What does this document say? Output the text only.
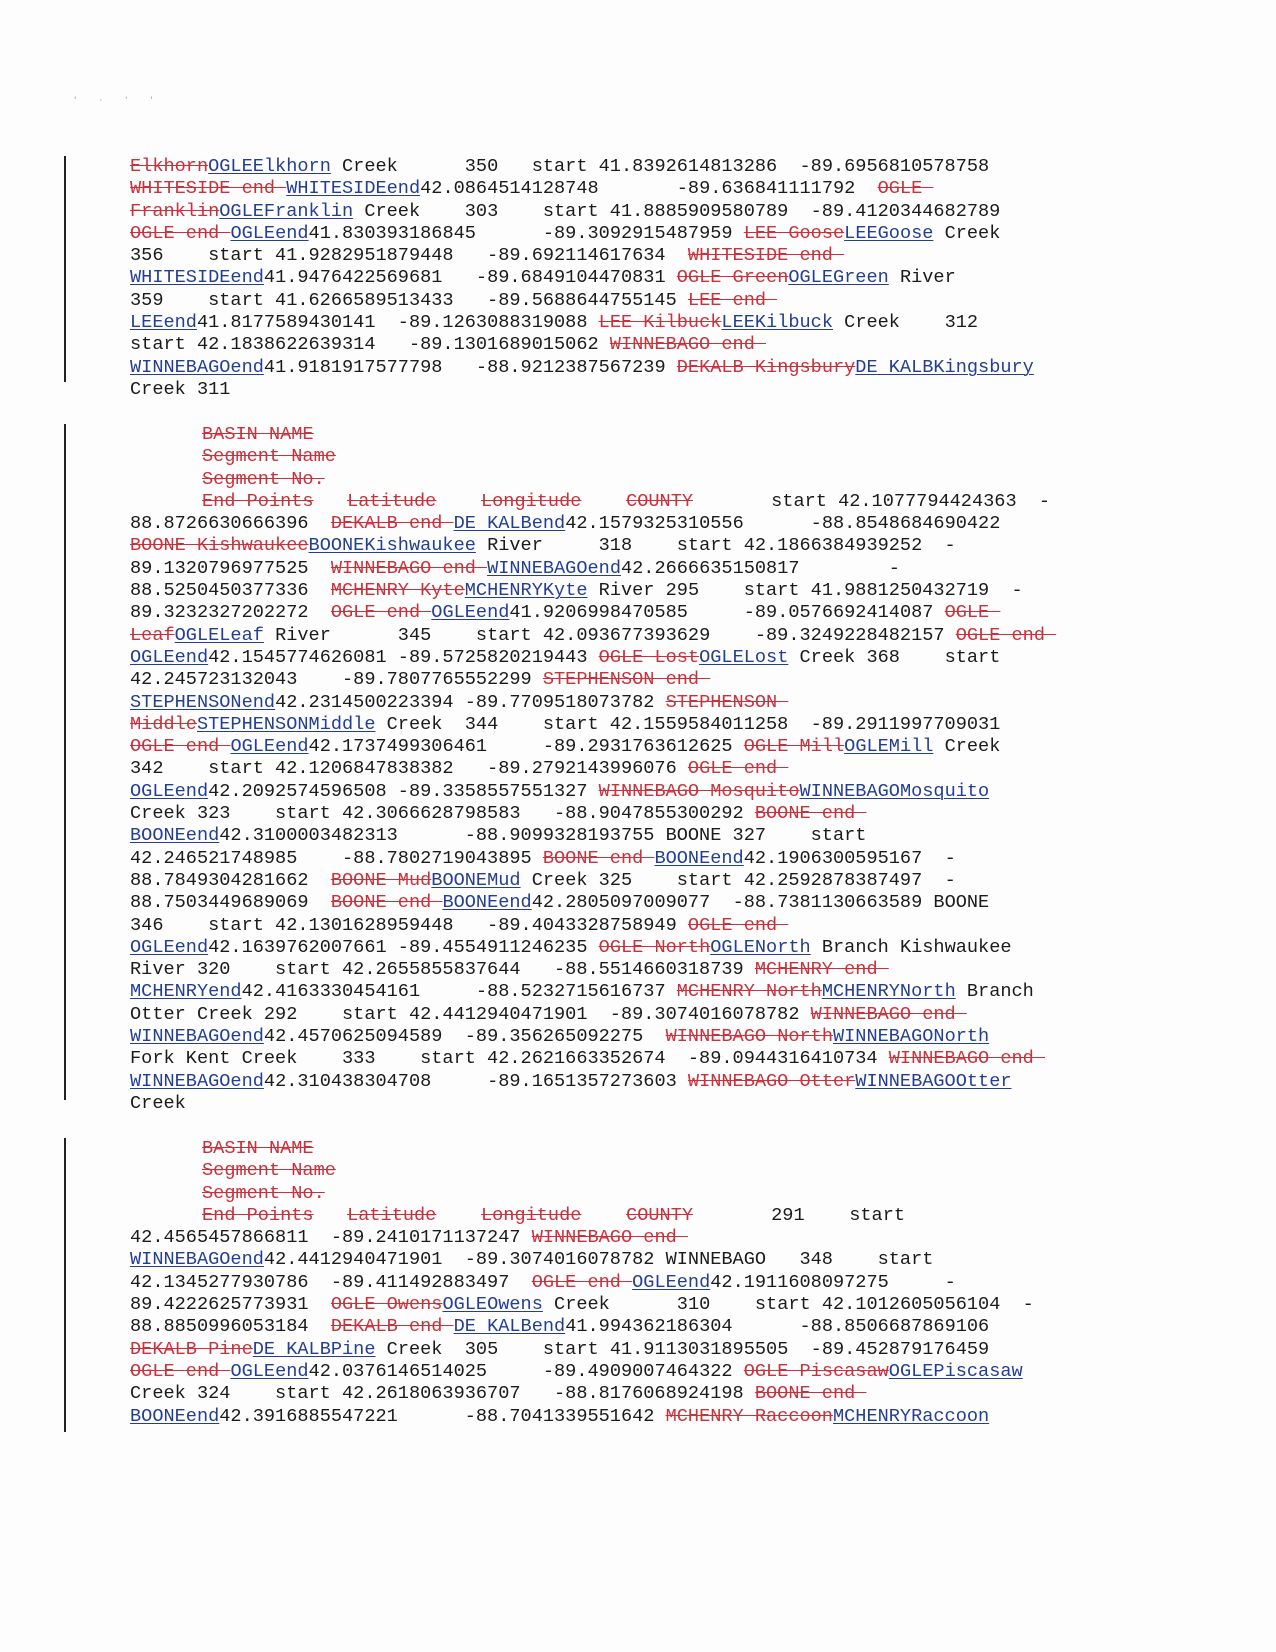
' · ' '
ElkhornOGLEElkhorn Creek      350   start 41.8392614813286  -89.6956810578758
WHITESIDE end WHITESIDEend42.0864514128748       -89.636841111792  OGLE
FranklinOGLEFranklin Creek    303    start 41.8885909580789  -89.4120344682789
OGLE end OGLEend41.830393186845      -89.3092915487959 LEE GooseLEEGoose Creek
356    start 41.9282951879448   -89.692114617634  WHITESIDE end
WHITESIDEend41.9476422569681   -89.6849104470831 OGLE GreenOGLEGreen River
359    start 41.6266589513433   -89.5688644755145 LEE end
LEEend41.8177589430141  -89.1263088319088 LEE KilbuckLEEKilbuck Creek    312
start 42.1838622639314   -89.1301689015062 WINNEBAGO end
WINNEBAGOend41.9181917577798   -88.9212387567239 DEKALB KingsburyDE KALBKingsbury
Creek 311
BASIN NAME
Segment Name
Segment No.
End Points Latitude Longitude COUNTY       start 42.1077794424363  -
88.8726630666396  DEKALB end DE KALBend42.1579325310556      -88.8548684690422
BOONE KishwaukeeBOONEKishwaukee River     318    start 42.1866384939252  -
89.1320796977525  WINNEBAGO end WINNEBAGOend42.2666635150817        -
88.5250450377336  MCHENRY KyteMCHENRYKyte River 295    start 41.9881250432719  -
89.3232327202272  OGLE end OGLEend41.9206998470585     -89.0576692414087 OGLE
LeafOGLELeaf River      345    start 42.093677393629    -89.3249228482157 OGLE end
OGLEend42.1545774626081 -89.5725820219443 OGLE LostOGLELost Creek 368    start
42.245723132043    -89.7807765552299 STEPHENSON end
STEPHENSONend42.2314500223394 -89.7709518073782 STEPHENSON
MiddleSTEPHENSONMiddle Creek  344    start 42.1559584011258  -89.2911997709031
OGLE end OGLEend42.1737499306461     -89.2931763612625 OGLE MillOGLEMill Creek
342    start 42.1206847838382   -89.2792143996076 OGLE end
OGLEend42.2092574596508 -89.3358557551327 WINNEBAGO MosquitoWINNEBAGOMosquito
Creek 323    start 42.3066628798583   -88.9047855300292 BOONE end
BOONEend42.3100003482313      -88.9099328193755 BOONE 327    start
42.246521748985    -88.7802719043895 BOONE end BOONEend42.1906300595167  -
88.7849304281662  BOONE MudBOONEMud Creek 325    start 42.2592878387497  -
88.7503449689069  BOONE end BOONEend42.2805097009077  -88.7381130663589 BOONE
346    start 42.1301628959448   -89.4043328758949 OGLE end
OGLEend42.1639762007661 -89.4554911246235 OGLE NorthOGLENorth Branch Kishwaukee
River 320    start 42.2655855837644   -88.5514660318739 MCHENRY end
MCHENRYend42.4163330454161     -88.5232715616737 MCHENRY NorthMCHENRYNorth Branch
Otter Creek 292    start 42.4412940471901  -89.3074016078782 WINNEBAGO end
WINNEBAGOend42.4570625094589  -89.356265092275  WINNEBAGO NorthWINNEBAGONorth
Fork Kent Creek    333    start 42.2621663352674  -89.0944316410734 WINNEBAGO end
WINNEBAGOend42.310438304708     -89.1651357273603 WINNEBAGO OtterWINNEBAGOOtter
Creek
BASIN NAME
Segment Name
Segment No.
End Points Latitude Longitude COUNTY       291    start
42.4565457866811  -89.2410171137247 WINNEBAGO end
WINNEBAGOend42.4412940471901  -89.3074016078782 WINNEBAGO   348    start
42.1345277930786  -89.411492883497  OGLE end OGLEend42.1911608097275     -
89.4222625773931  OGLE OwensOGLEOwens Creek      310    start 42.1012605056104  -
88.8850996053184  DEKALB end DE KALBend41.994362186304      -88.8506687869106
DEKALB PineDE KALBPine Creek  305    start 41.9113031895505  -89.452879176459
OGLE end OGLEend42.0376146514025     -89.4909007464322 OGLE PiscasawOGLEPiscasaw
Creek 324    start 42.2618063936707   -88.8176068924198 BOONE end
BOONEend42.3916885547221      -88.7041339551642 MCHENRY RaccoonMCHENRYRaccoon
